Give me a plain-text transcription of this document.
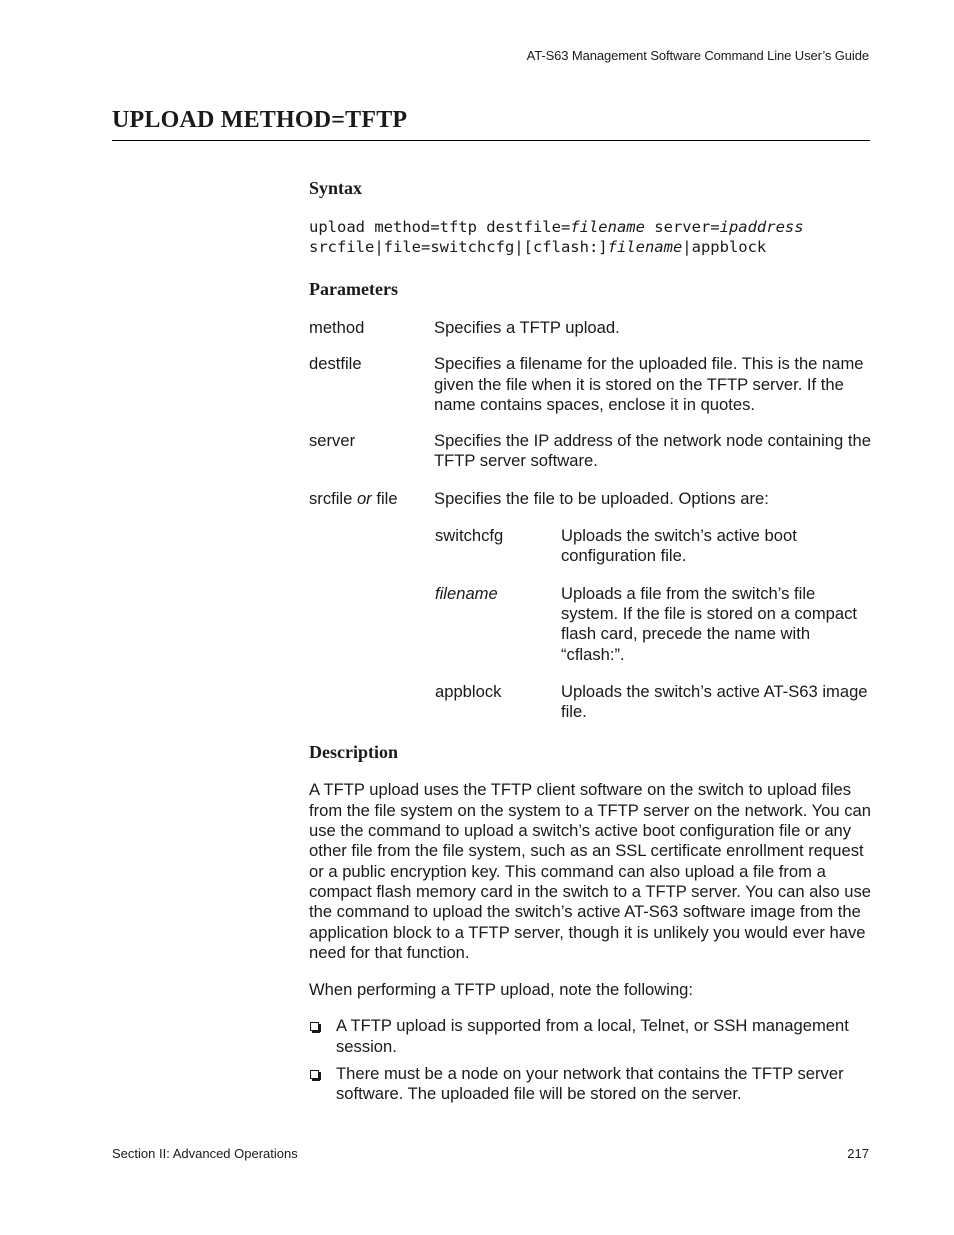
AT-S63 Management Software Command Line User’s Guide
UPLOAD METHOD=TFTP
Syntax
upload method=tftp destfile=filename server=ipaddress
srcfile|file=switchcfg|[cflash:]filename|appblock
Parameters
method	Specifies a TFTP upload.
destfile	Specifies a filename for the uploaded file. This is the name given the file when it is stored on the TFTP server. If the name contains spaces, enclose it in quotes.
server	Specifies the IP address of the network node containing the TFTP server software.
srcfile or file Specifies the file to be uploaded. Options are:
switchcfg	Uploads the switch’s active boot configuration file.
filename	Uploads a file from the switch’s file system. If the file is stored on a compact flash card, precede the name with “cflash:”.
appblock	Uploads the switch’s active AT-S63 image file.
Description
A TFTP upload uses the TFTP client software on the switch to upload files from the file system on the system to a TFTP server on the network. You can use the command to upload a switch’s active boot configuration file or any other file from the file system, such as an SSL certificate enrollment request or a public encryption key. This command can also upload a file from a compact flash memory card in the switch to a TFTP server. You can also use the command to upload the switch’s active AT-S63 software image from the application block to a TFTP server, though it is unlikely you would ever have need for that function.
When performing a TFTP upload, note the following:
A TFTP upload is supported from a local, Telnet, or SSH management session.
There must be a node on your network that contains the TFTP server software. The uploaded file will be stored on the server.
Section II: Advanced Operations	217
